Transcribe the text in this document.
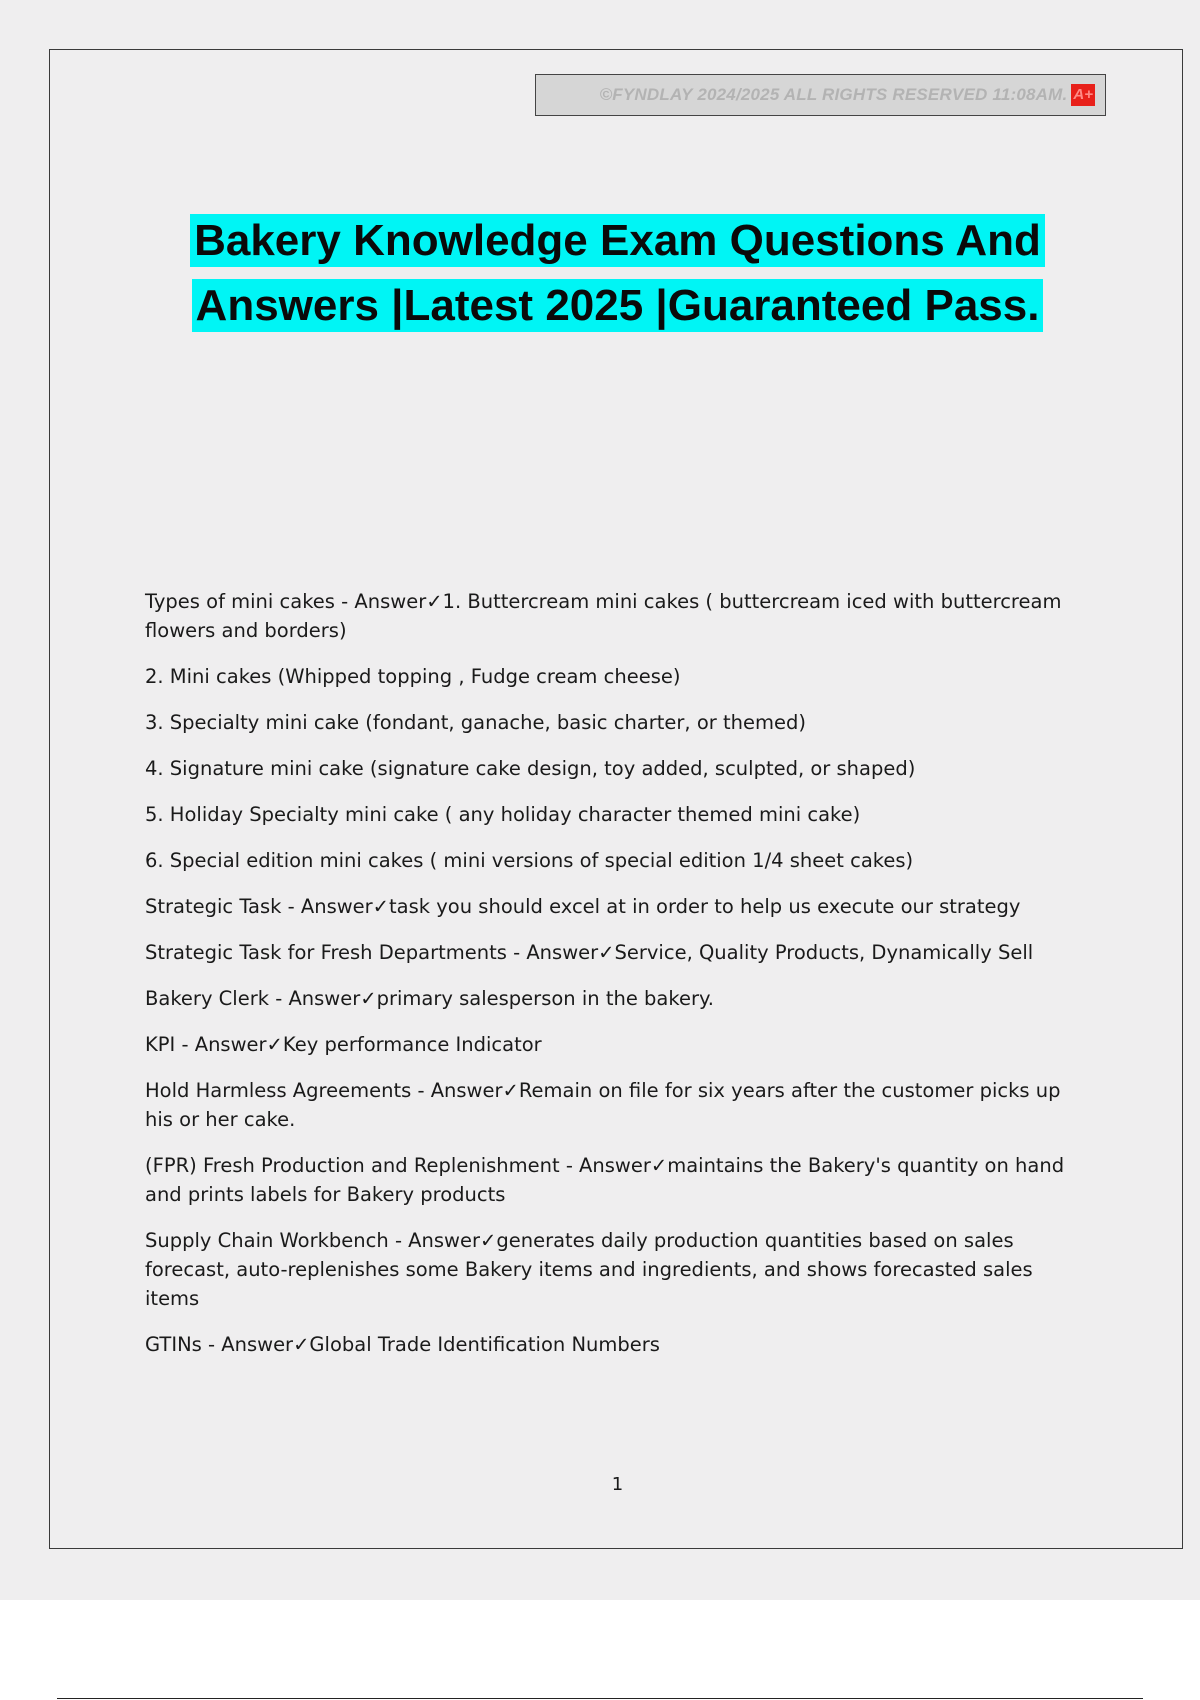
©FYNDLAY 2024/2025 ALL RIGHTS RESERVED 11:08AM. A+
Bakery Knowledge Exam Questions And
Answers |Latest 2025 |Guaranteed Pass.

Types of mini cakes - Answer✓1. Buttercream mini cakes ( buttercream iced with buttercream flowers and borders)

2. Mini cakes (Whipped topping , Fudge cream cheese)

3. Specialty mini cake (fondant, ganache, basic charter, or themed)

4. Signature mini cake (signature cake design, toy added, sculpted, or shaped)

5. Holiday Specialty mini cake ( any holiday character themed mini cake)

6. Special edition mini cakes ( mini versions of special edition 1/4 sheet cakes)

Strategic Task - Answer✓task you should excel at in order to help us execute our strategy

Strategic Task for Fresh Departments - Answer✓Service, Quality Products, Dynamically Sell

Bakery Clerk - Answer✓primary salesperson in the bakery.

KPI - Answer✓Key performance Indicator

Hold Harmless Agreements - Answer✓Remain on file for six years after the customer picks up his or her cake.

(FPR) Fresh Production and Replenishment - Answer✓maintains the Bakery's quantity on hand and prints labels for Bakery products

Supply Chain Workbench - Answer✓generates daily production quantities based on sales forecast, auto-replenishes some Bakery items and ingredients, and shows forecasted sales items

GTINs - Answer✓Global Trade Identification Numbers

1
